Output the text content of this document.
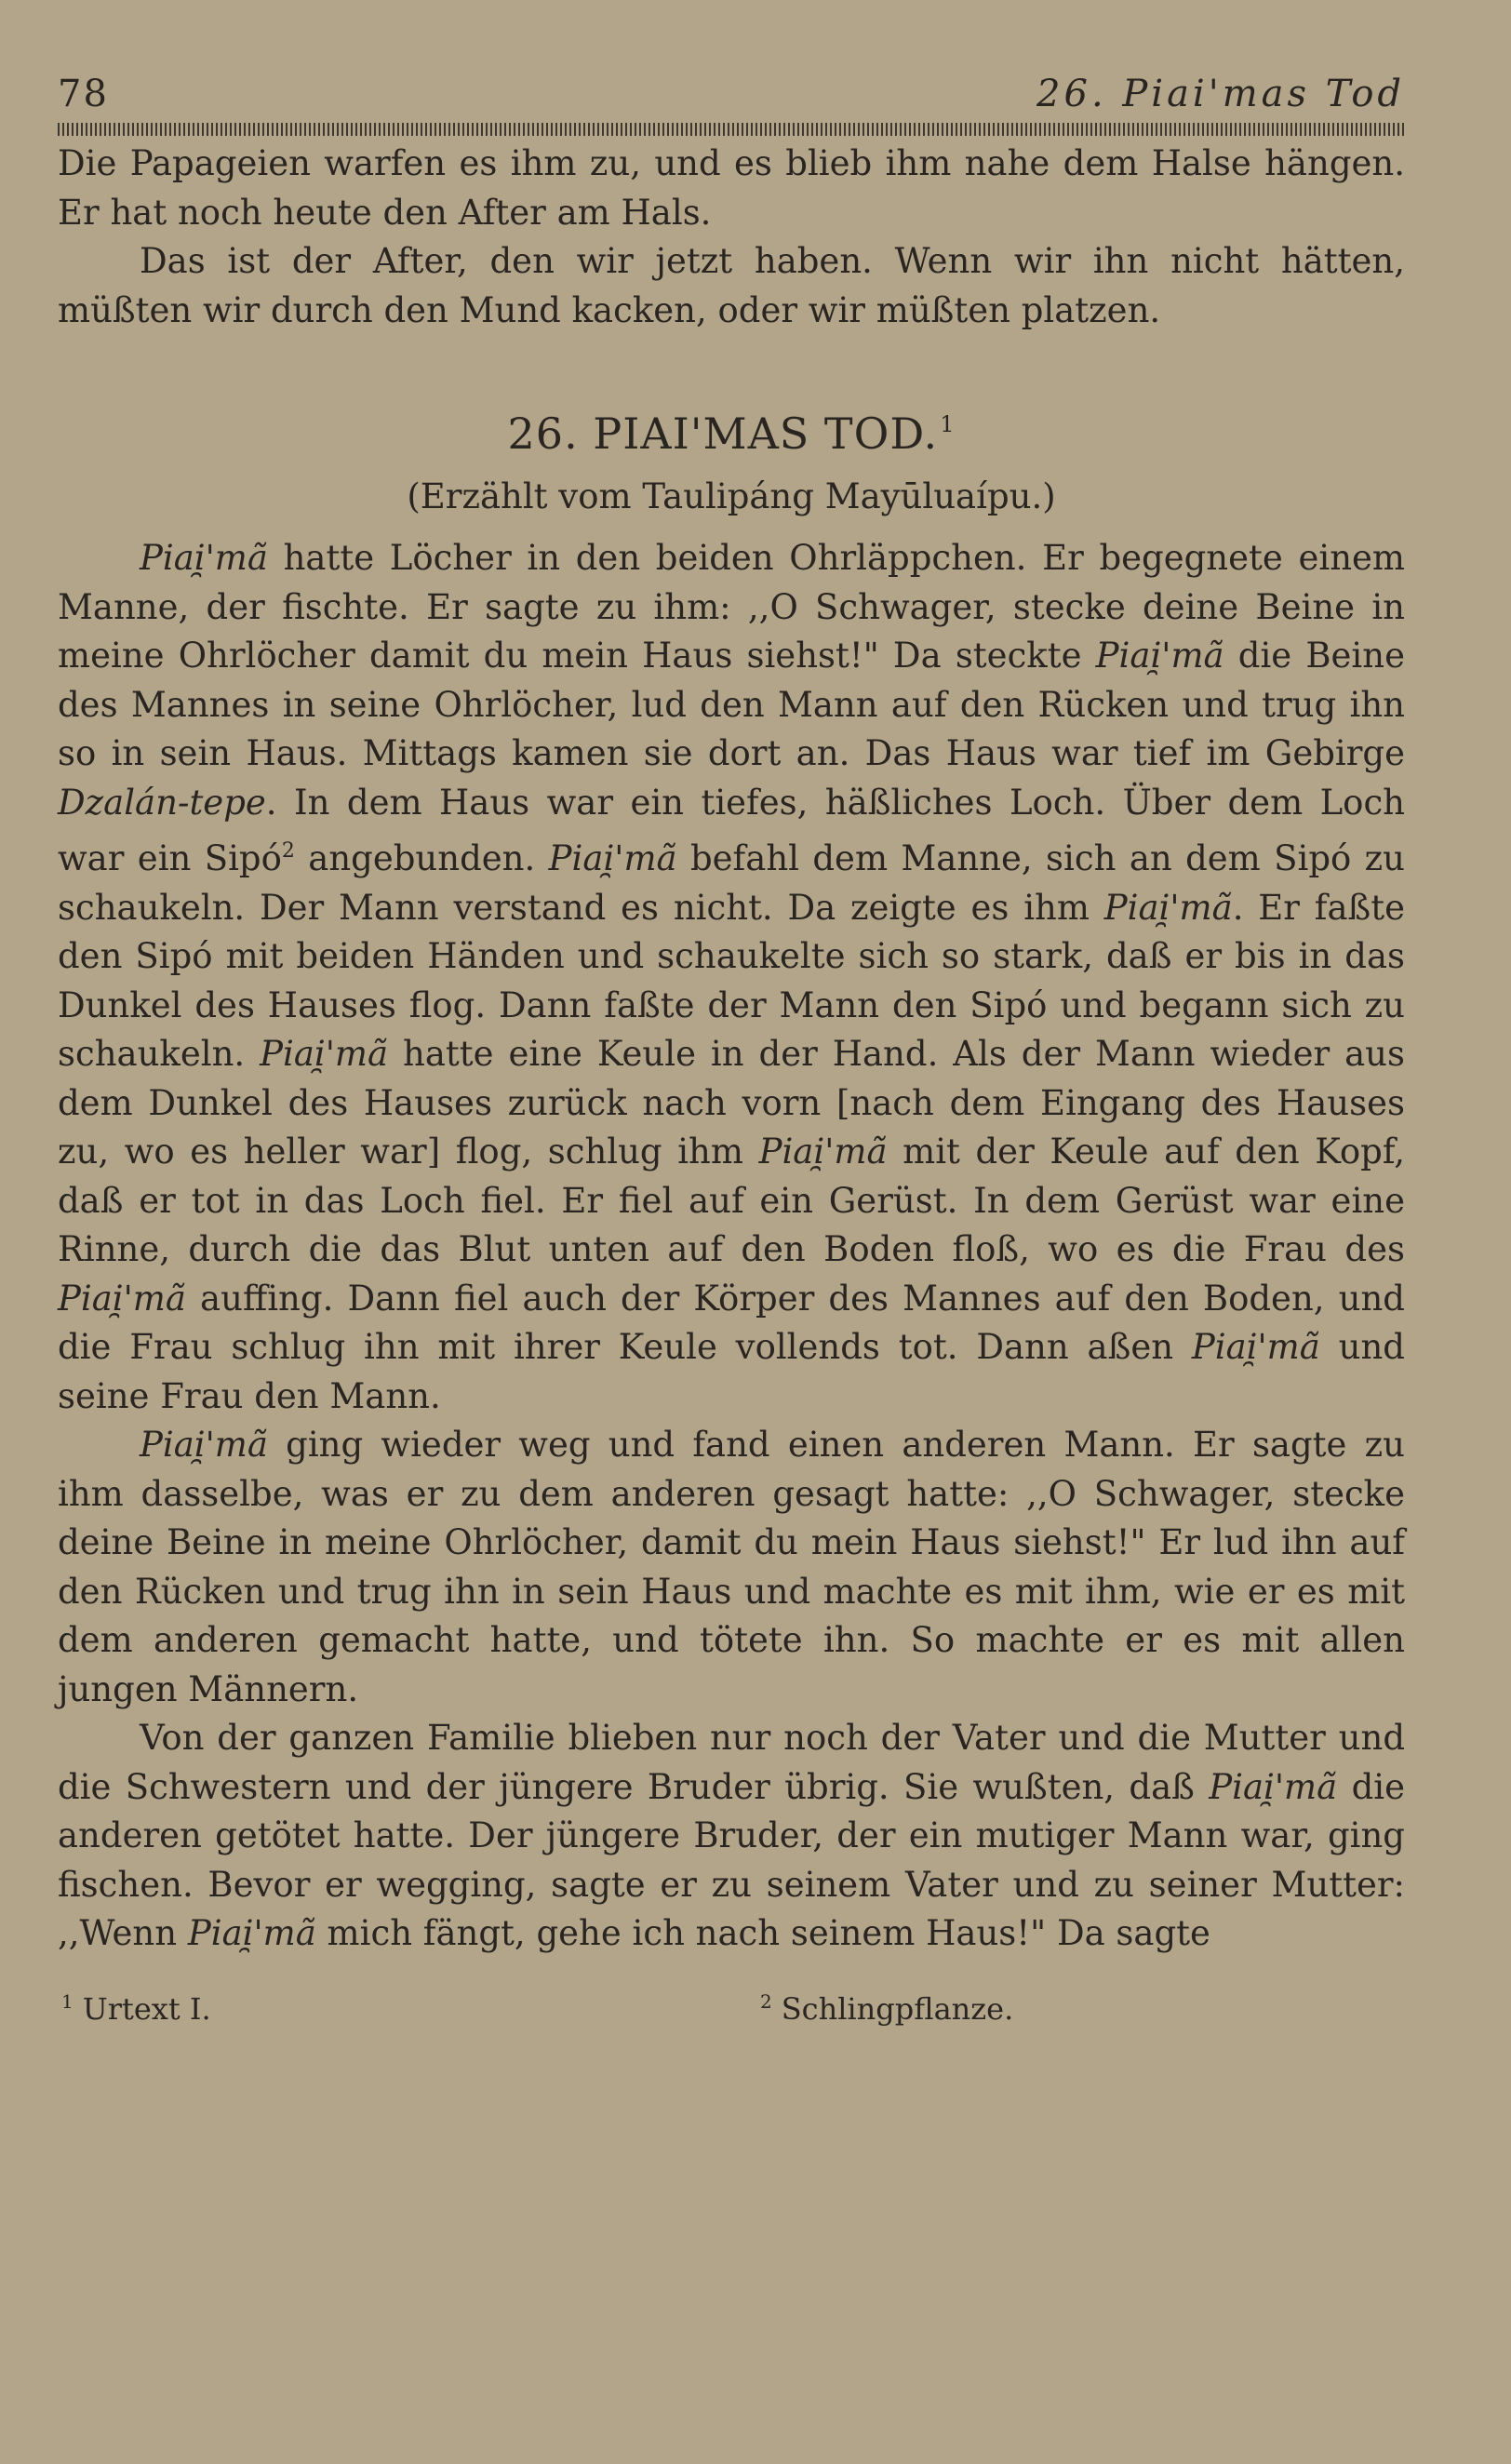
78	26. Piai'mas Tod

Die Papageien warfen es ihm zu, und es blieb ihm nahe dem Halse hängen. Er hat noch heute den After am Hals.

Das ist der After, den wir jetzt haben. Wenn wir ihn nicht hätten, müßten wir durch den Mund kacken, oder wir müßten platzen.

26. PIAI'MAS TOD.$^1$
(Erzählt vom Taulipáng Mayūluaípu.)

Piai̯'mã hatte Löcher in den beiden Ohrläppchen. Er begegnete einem Manne, der fischte. Er sagte zu ihm: ,,O Schwager, stecke deine Beine in meine Ohrlöcher damit du mein Haus siehst!" Da steckte Piai̯'mã die Beine des Mannes in seine Ohrlöcher, lud den Mann auf den Rücken und trug ihn so in sein Haus. Mittags kamen sie dort an. Das Haus war tief im Gebirge Dzalán-tepe. In dem Haus war ein tiefes, häßliches Loch. Über dem Loch war ein Sipó$^2$ angebunden. Piai̯'mã befahl dem Manne, sich an dem Sipó zu schaukeln. Der Mann verstand es nicht. Da zeigte es ihm Piai̯'mã. Er faßte den Sipó mit beiden Händen und schaukelte sich so stark, daß er bis in das Dunkel des Hauses flog. Dann faßte der Mann den Sipó und begann sich zu schaukeln. Piai̯'mã hatte eine Keule in der Hand. Als der Mann wieder aus dem Dunkel des Hauses zurück nach vorn [nach dem Eingang des Hauses zu, wo es heller war] flog, schlug ihm Piai̯'mã mit der Keule auf den Kopf, daß er tot in das Loch fiel. Er fiel auf ein Gerüst. In dem Gerüst war eine Rinne, durch die das Blut unten auf den Boden floß, wo es die Frau des Piai̯'mã auffing. Dann fiel auch der Körper des Mannes auf den Boden, und die Frau schlug ihn mit ihrer Keule vollends tot. Dann aßen Piai̯'mã und seine Frau den Mann.

Piai̯'mã ging wieder weg und fand einen anderen Mann. Er sagte zu ihm dasselbe, was er zu dem anderen gesagt hatte: ,,O Schwager, stecke deine Beine in meine Ohrlöcher, damit du mein Haus siehst!" Er lud ihn auf den Rücken und trug ihn in sein Haus und machte es mit ihm, wie er es mit dem anderen gemacht hatte, und tötete ihn. So machte er es mit allen jungen Männern.

Von der ganzen Familie blieben nur noch der Vater und die Mutter und die Schwestern und der jüngere Bruder übrig. Sie wußten, daß Piai̯'mã die anderen getötet hatte. Der jüngere Bruder, der ein mutiger Mann war, ging fischen. Bevor er wegging, sagte er zu seinem Vater und zu seiner Mutter: ,,Wenn Piai̯'mã mich fängt, gehe ich nach seinem Haus!" Da sagte

$^1$ Urtext I.	$^2$ Schlingpflanze.
